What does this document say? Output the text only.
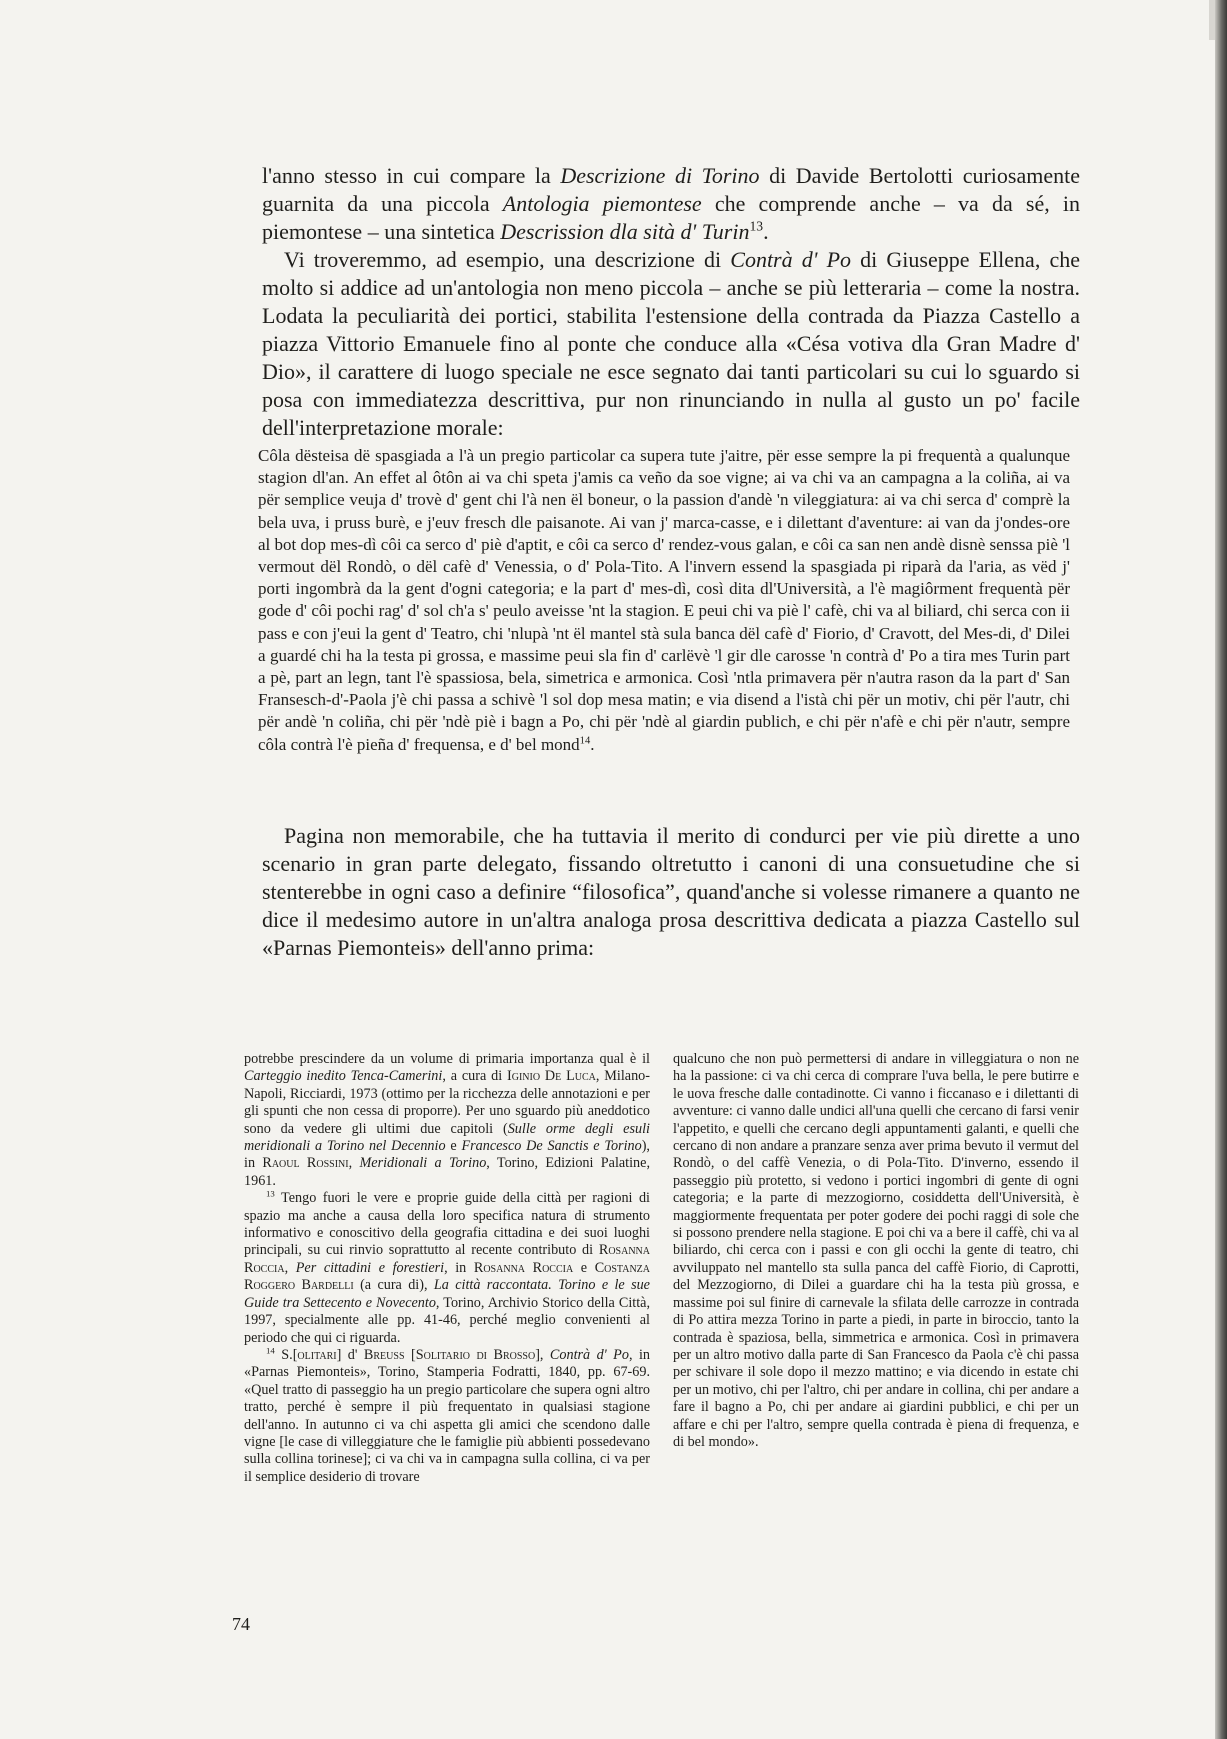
l'anno stesso in cui compare la Descrizione di Torino di Davide Bertolotti curiosamente guarnita da una piccola Antologia piemontese che comprende anche – va da sé, in piemontese – una sintetica Descrission dla sità d' Turin$^{13}$.

Vi troveremmo, ad esempio, una descrizione di Contrà d' Po di Giuseppe Ellena, che molto si addice ad un'antologia non meno piccola – anche se più letteraria – come la nostra. Lodata la peculiarità dei portici, stabilita l'estensione della contrada da Piazza Castello a piazza Vittorio Emanuele fino al ponte che conduce alla «Césa votiva dla Gran Madre d' Dio», il carattere di luogo speciale ne esce segnato dai tanti particolari su cui lo sguardo si posa con immediatezza descrittiva, pur non rinunciando in nulla al gusto un po' facile dell'interpretazione morale:

Côla dësteisa dë spasgiada a l'à un pregio particolar ca supera tute j'aitre, për esse sempre la pi frequentà a qualunque stagion dl'an. An effet al ôtôn ai va chi speta j'amis ca veño da soe vigne; ai va chi va an campagna a la coliña, ai va për semplice veuja d' trovè d' gent chi l'à nen ël boneur, o la passion d'andè 'n vileggiatura: ai va chi serca d' comprè la bela uva, i pruss burè, e j'euv fresch dle paisanote. Ai van j' marca-casse, e i dilettant d'aventure: ai van da j'ondes-ore al bot dop mes-dì côi ca serco d' piè d'aptit, e côi ca serco d' rendez-vous galan, e côi ca san nen andè disnè senssa piè 'l vermout dël Rondò, o dël cafè d' Venessia, o d' Pola-Tito. A l'invern essend la spasgiada pi riparà da l'aria, as vëd j' porti ingombrà da la gent d'ogni categoria; e la part d' mes-dì, così dita dl'Università, a l'è magiôrment frequentà për gode d' côi pochi rag' d' sol ch'a s' peulo aveisse 'nt la stagion. E peui chi va piè l' cafè, chi va al biliard, chi serca con ii pass e con j'eui la gent d' Teatro, chi 'nlupà 'nt ël mantel stà sula banca dël cafè d' Fiorio, d' Cravott, del Mes-di, d' Dilei a guardé chi ha la testa pi grossa, e massime peui sla fin d' carlëvè 'l gir dle carosse 'n contrà d' Po a tira mes Turin part a pè, part an legn, tant l'è spassiosa, bela, simetrica e armonica. Così 'ntla primavera për n'autra rason da la part d' San Fransesch-d'-Paola j'è chi passa a schivè 'l sol dop mesa matin; e via disend a l'istà chi për un motiv, chi për l'autr, chi për andè 'n coliña, chi për 'ndè piè i bagn a Po, chi për 'ndè al giardin publich, e chi për n'afè e chi për n'autr, sempre côla contrà l'è pieña d' frequensa, e d' bel mond$^{14}$.

Pagina non memorabile, che ha tuttavia il merito di condurci per vie più dirette a uno scenario in gran parte delegato, fissando oltretutto i canoni di una consuetudine che si stenterebbe in ogni caso a definire “filosofica”, quand'anche si volesse rimanere a quanto ne dice il medesimo autore in un'altra analoga prosa descrittiva dedicata a piazza Castello sul «Parnas Piemonteis» dell'anno prima:

potrebbe prescindere da un volume di primaria importanza qual è il Carteggio inedito Tenca-Camerini, a cura di Iginio De Luca, Milano-Napoli, Ricciardi, 1973 (ottimo per la ricchezza delle annotazioni e per gli spunti che non cessa di proporre). Per uno sguardo più aneddotico sono da vedere gli ultimi due capitoli (Sulle orme degli esuli meridionali a Torino nel Decennio e Francesco De Sanctis e Torino), in Raoul Rossini, Meridionali a Torino, Torino, Edizioni Palatine, 1961.

$^{13}$ Tengo fuori le vere e proprie guide della città per ragioni di spazio ma anche a causa della loro specifica natura di strumento informativo e conoscitivo della geografia cittadina e dei suoi luoghi principali, su cui rinvio soprattutto al recente contributo di Rosanna Roccia, Per cittadini e forestieri, in Rosanna Roccia e Costanza Roggero Bardelli (a cura di), La città raccontata. Torino e le sue Guide tra Settecento e Novecento, Torino, Archivio Storico della Città, 1997, specialmente alle pp. 41-46, perché meglio convenienti al periodo che qui ci riguarda.

$^{14}$ S.[olitari] d' Breuss [Solitario di Brosso], Contrà d' Po, in «Parnas Piemonteis», Torino, Stamperia Fodratti, 1840, pp. 67-69. «Quel tratto di passeggio ha un pregio particolare che supera ogni altro tratto, perché è sempre il più frequentato in qualsiasi stagione dell'anno. In autunno ci va chi aspetta gli amici che scendono dalle vigne [le case di villeggiature che le famiglie più abbienti possedevano sulla collina torinese]; ci va chi va in campagna sulla collina, ci va per il semplice desiderio di trovare

qualcuno che non può permettersi di andare in villeggiatura o non ne ha la passione: ci va chi cerca di comprare l'uva bella, le pere butirre e le uova fresche dalle contadinotte. Ci vanno i ficcanaso e i dilettanti di avventure: ci vanno dalle undici all'una quelli che cercano di farsi venir l'appetito, e quelli che cercano degli appuntamenti galanti, e quelli che cercano di non andare a pranzare senza aver prima bevuto il vermut del Rondò, o del caffè Venezia, o di Pola-Tito. D'inverno, essendo il passeggio più protetto, si vedono i portici ingombri di gente di ogni categoria; e la parte di mezzogiorno, cosiddetta dell'Università, è maggiormente frequentata per poter godere dei pochi raggi di sole che si possono prendere nella stagione. E poi chi va a bere il caffè, chi va al biliardo, chi cerca con i passi e con gli occhi la gente di teatro, chi avviluppato nel mantello sta sulla panca del caffè Fiorio, di Caprotti, del Mezzogiorno, di Dilei a guardare chi ha la testa più grossa, e massime poi sul finire di carnevale la sfilata delle carrozze in contrada di Po attira mezza Torino in parte a piedi, in parte in biroccio, tanto la contrada è spaziosa, bella, simmetrica e armonica. Così in primavera per un altro motivo dalla parte di San Francesco da Paola c'è chi passa per schivare il sole dopo il mezzo mattino; e via dicendo in estate chi per un motivo, chi per l'altro, chi per andare in collina, chi per andare a fare il bagno a Po, chi per andare ai giardini pubblici, e chi per un affare e chi per l'altro, sempre quella contrada è piena di frequenza, e di bel mondo».

74
